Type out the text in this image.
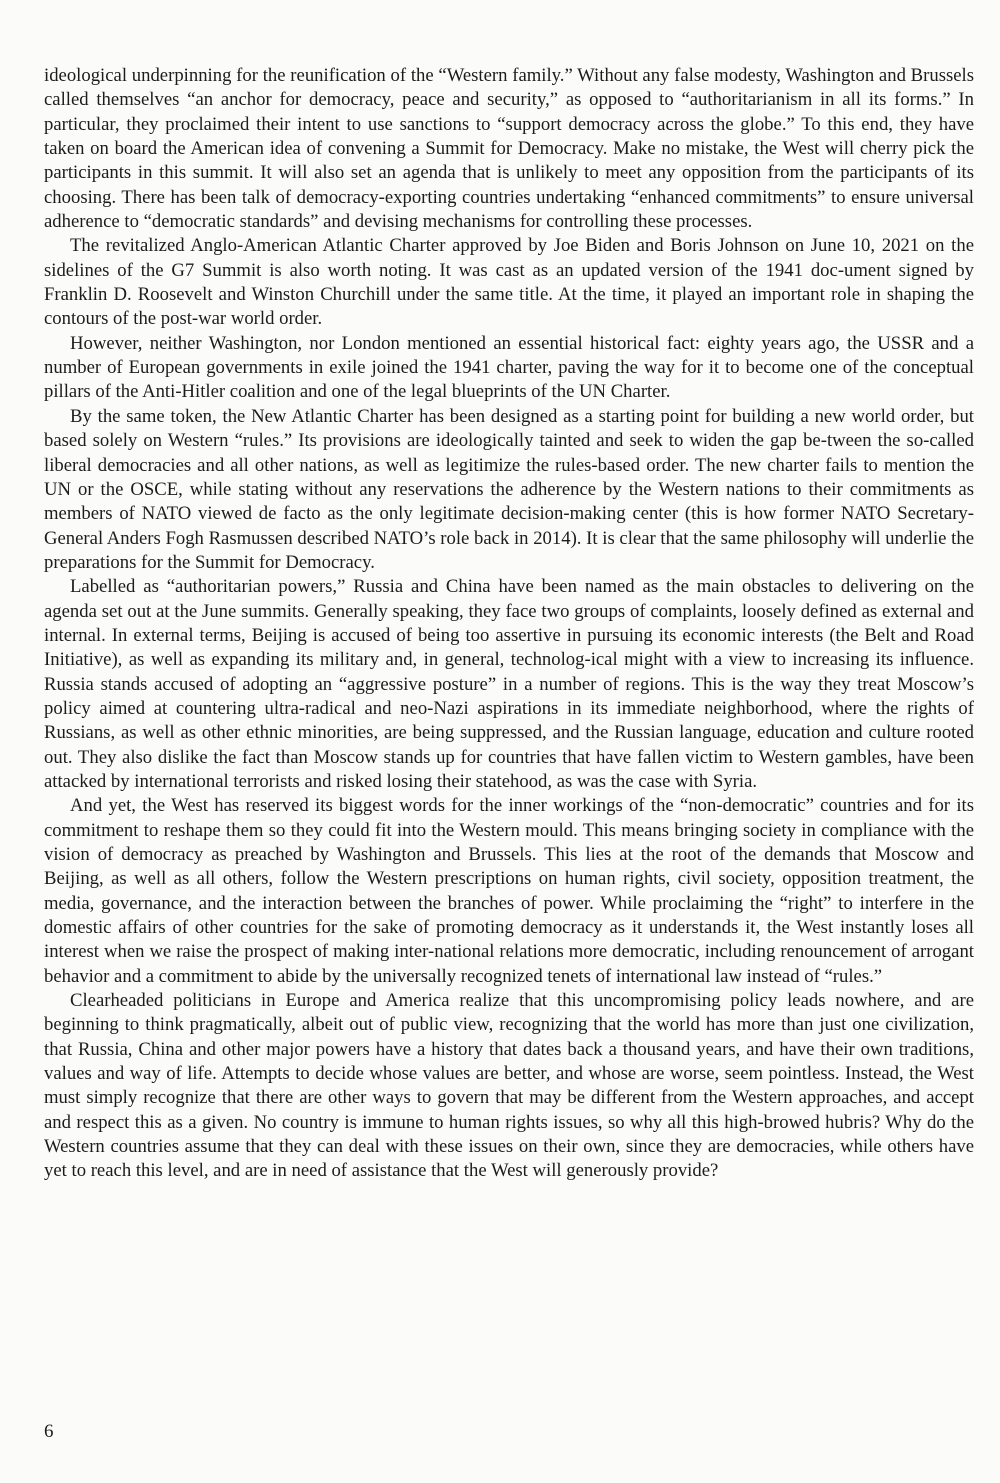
ideological underpinning for the reunification of the “Western family.” Without any false modesty, Washington and Brussels called themselves “an anchor for democracy, peace and security,” as opposed to “authoritarianism in all its forms.” In particular, they proclaimed their intent to use sanctions to “support democracy across the globe.” To this end, they have taken on board the American idea of convening a Summit for Democracy. Make no mistake, the West will cherry pick the participants in this summit. It will also set an agenda that is unlikely to meet any opposition from the participants of its choosing. There has been talk of democracy-exporting countries undertaking “enhanced commitments” to ensure universal adherence to “democratic standards” and devising mechanisms for controlling these processes.

The revitalized Anglo-American Atlantic Charter approved by Joe Biden and Boris Johnson on June 10, 2021 on the sidelines of the G7 Summit is also worth noting. It was cast as an updated version of the 1941 doc-ument signed by Franklin D. Roosevelt and Winston Churchill under the same title. At the time, it played an important role in shaping the contours of the post-war world order.

However, neither Washington, nor London mentioned an essential historical fact: eighty years ago, the USSR and a number of European governments in exile joined the 1941 charter, paving the way for it to become one of the conceptual pillars of the Anti-Hitler coalition and one of the legal blueprints of the UN Charter.

By the same token, the New Atlantic Charter has been designed as a starting point for building a new world order, but based solely on Western “rules.” Its provisions are ideologically tainted and seek to widen the gap be-tween the so-called liberal democracies and all other nations, as well as legitimize the rules-based order. The new charter fails to mention the UN or the OSCE, while stating without any reservations the adherence by the Western nations to their commitments as members of NATO viewed de facto as the only legitimate decision-making center (this is how former NATO Secretary-General Anders Fogh Rasmussen described NATO’s role back in 2014). It is clear that the same philosophy will underlie the preparations for the Summit for Democracy.

Labelled as “authoritarian powers,” Russia and China have been named as the main obstacles to delivering on the agenda set out at the June summits. Generally speaking, they face two groups of complaints, loosely defined as external and internal. In external terms, Beijing is accused of being too assertive in pursuing its economic interests (the Belt and Road Initiative), as well as expanding its military and, in general, technolog-ical might with a view to increasing its influence. Russia stands accused of adopting an “aggressive posture” in a number of regions. This is the way they treat Moscow’s policy aimed at countering ultra-radical and neo-Nazi aspirations in its immediate neighborhood, where the rights of Russians, as well as other ethnic minorities, are being suppressed, and the Russian language, education and culture rooted out. They also dislike the fact than Moscow stands up for countries that have fallen victim to Western gambles, have been attacked by international terrorists and risked losing their statehood, as was the case with Syria.

And yet, the West has reserved its biggest words for the inner workings of the “non-democratic” countries and for its commitment to reshape them so they could fit into the Western mould. This means bringing society in compliance with the vision of democracy as preached by Washington and Brussels. This lies at the root of the demands that Moscow and Beijing, as well as all others, follow the Western prescriptions on human rights, civil society, opposition treatment, the media, governance, and the interaction between the branches of power. While proclaiming the “right” to interfere in the domestic affairs of other countries for the sake of promoting democracy as it understands it, the West instantly loses all interest when we raise the prospect of making inter-national relations more democratic, including renouncement of arrogant behavior and a commitment to abide by the universally recognized tenets of international law instead of “rules.”

Clearheaded politicians in Europe and America realize that this uncompromising policy leads nowhere, and are beginning to think pragmatically, albeit out of public view, recognizing that the world has more than just one civilization, that Russia, China and other major powers have a history that dates back a thousand years, and have their own traditions, values and way of life. Attempts to decide whose values are better, and whose are worse, seem pointless. Instead, the West must simply recognize that there are other ways to govern that may be different from the Western approaches, and accept and respect this as a given. No country is immune to human rights issues, so why all this high-browed hubris? Why do the Western countries assume that they can deal with these issues on their own, since they are democracies, while others have yet to reach this level, and are in need of assistance that the West will generously provide?

6
